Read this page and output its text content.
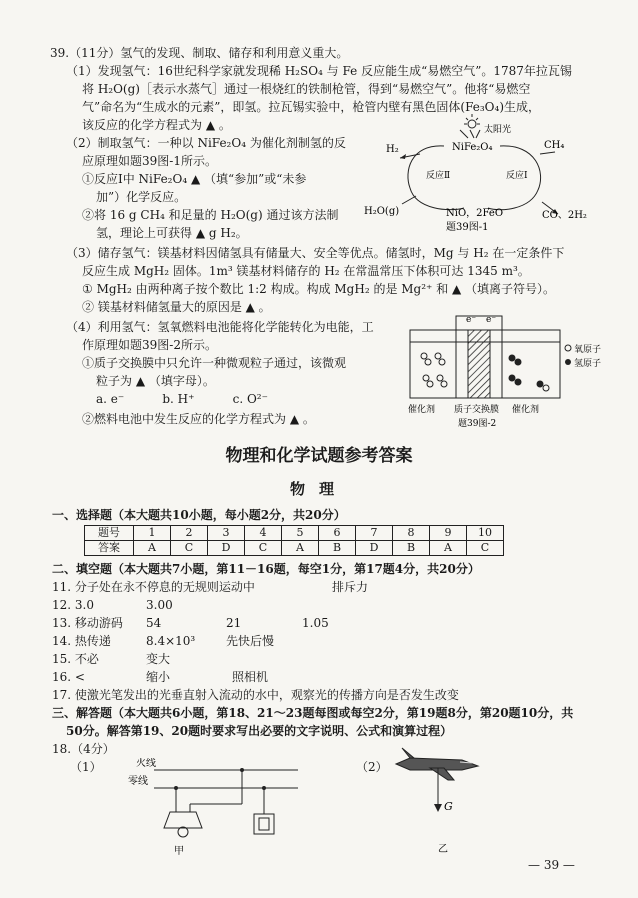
39.（11分）氢气的发现、制取、储存和利用意义重大。
（1）发现氢气：16世纪科学家就发现稀 H₂SO₄ 与 Fe 反应能生成“易燃空气”。1787年拉瓦锡
将 H₂O(g)［表示水蒸气］通过一根烧红的铁制枪管，得到“易燃空气”。他将“易燃空
气”命名为“生成水的元素”，即氢。拉瓦锡实验中，枪管内壁有黑色固体(Fe₃O₄)生成，
该反应的化学方程式为 ▲ 。
（2）制取氢气：一种以 NiFe₂O₄ 为催化剂制氢的反
应原理如题39图-1所示。
①反应Ⅰ中 NiFe₂O₄ ▲ （填“参加”或“未参
加”）化学反应。
②将 16 g CH₄ 和足量的 H₂O(g) 通过该方法制
氢，理论上可获得 ▲ g H₂。
（3）储存氢气：镁基材料因储氢具有储量大、安全等优点。储氢时，Mg 与 H₂ 在一定条件下
反应生成 MgH₂ 固体。1m³ 镁基材料储存的 H₂ 在常温常压下体积可达 1345 m³。
① MgH₂ 由两种离子按个数比 1:2 构成。构成 MgH₂ 的是 Mg²⁺ 和 ▲ （填离子符号）。
② 镁基材料储氢量大的原因是 ▲ 。
（4）利用氢气：氢氧燃料电池能将化学能转化为电能，工
作原理如题39图-2所示。
①质子交换膜中只允许一种微观粒子通过，该微观
粒子为 ▲ （填字母）。
a. e⁻          b. H⁺          c. O²⁻
②燃料电池中发生反应的化学方程式为 ▲ 。
太阳光
NiFe₂O₄
H₂	CH₄
反应Ⅱ	反应Ⅰ
H₂O(g)	NiO，2FeO	CO、2H₂
题39图-1
e⁻ e⁻
氧原子
氢原子
催化剂 质子交换膜 催化剂
题39图-2
物理和化学试题参考答案
物理
一、选择题（本大题共10小题，每小题2分，共20分）
题号	1	2	3	4	5	6	7	8	9	10
答案	A	C	D	C	A	B	D	B	A	C
二、填空题（本大题共7小题，第11－16题，每空1分，第17题4分，共20分）
11. 分子处在永不停息的无规则运动中	排斥力
12. 3.0	3.00
13. 移动游码 54	21	1.05
14. 热传递	8.4×10³	先快后慢
15. 不必	变大
16. <	缩小	照相机
17. 使激光笔发出的光垂直射入流动的水中，观察光的传播方向是否发生改变
三、解答题（本大题共6小题，第18、21～23题每图或每空2分，第19题8分，第20题10分，共
50分。解答第19、20题时要求写出必要的文字说明、公式和演算过程）
18.（4分）
（1）	（2）
火线
零线
甲
G
乙
— 39 —
